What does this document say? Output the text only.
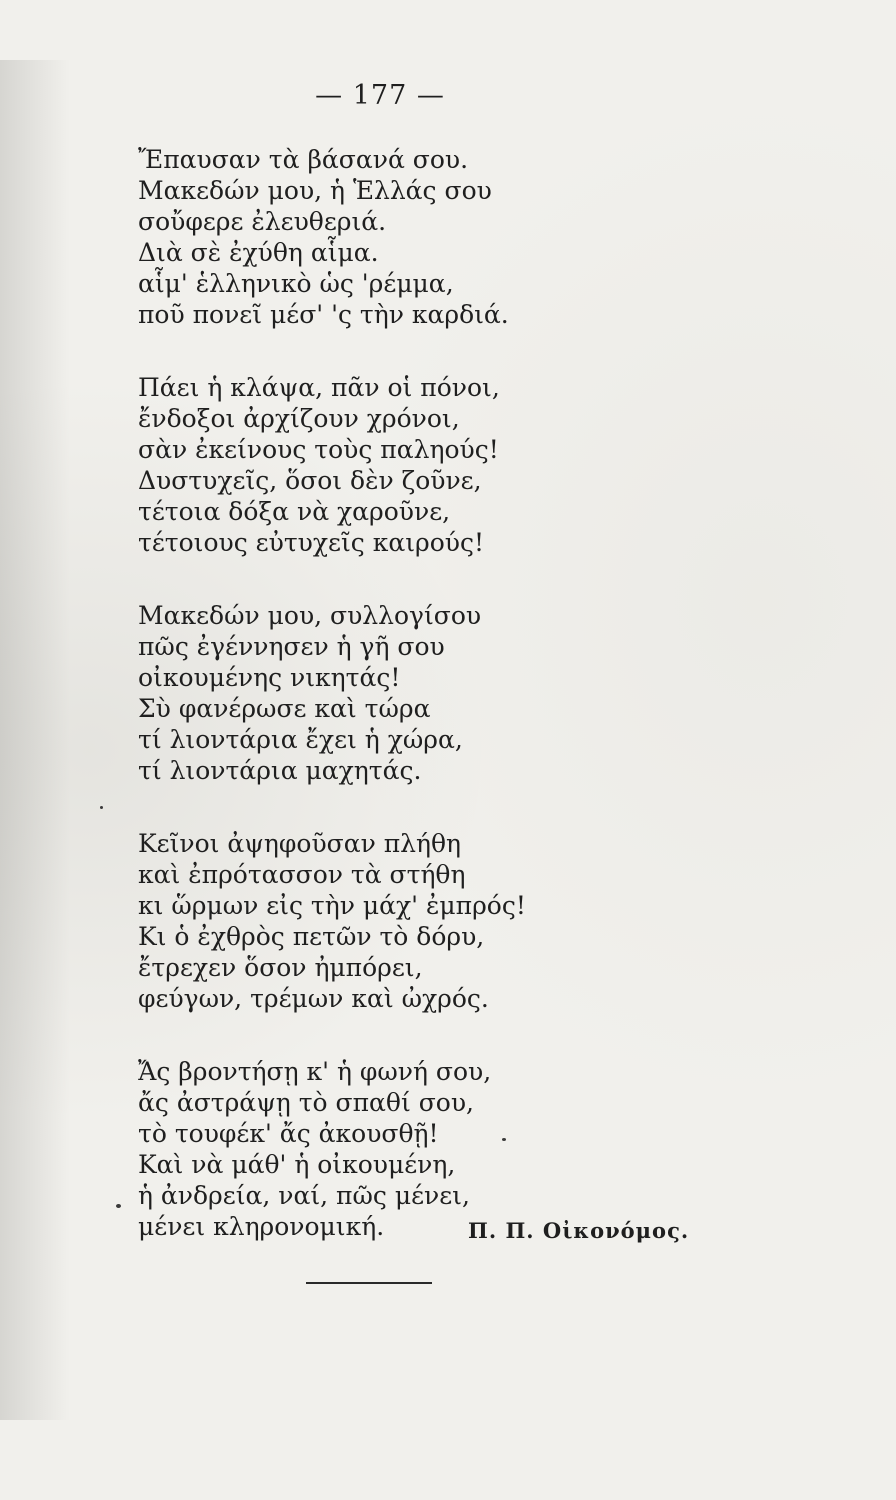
— 177 —
Ἔπαυσαν τὰ βάσανά σου.
Μακεδών μου, ἡ Ἑλλάς σου
σοὔφερε ἐλευθεριά.
Διὰ σὲ ἐχύθη αἷμα.
αἷμ' ἑλληνικὸ ὡς 'ρέμμα,
ποῦ πονεῖ μέσ' 'ς τὴν καρδιά.
Πάει ἡ κλάψα, πᾶν οἱ πόνοι,
ἔνδοξοι ἀρχίζουν χρόνοι,
σὰν ἐκείνους τοὺς παληούς!
Δυστυχεῖς, ὅσοι δὲν ζοῦνε,
τέτοια δόξα νὰ χαροῦνε,
τέτοιους εὐτυχεῖς καιρούς!
Μακεδών μου, συλλογίσου
πῶς ἐγέννησεν ἡ γῆ σου
οἰκουμένης νικητάς!
Σὺ φανέρωσε καὶ τώρα
τί λιοντάρια ἔχει ἡ χώρα,
τί λιοντάρια μαχητάς.
Κεῖνοι ἀψηφοῦσαν πλήθη
καὶ ἐπρότασσον τὰ στήθη
κι ὥρμων εἰς τὴν μάχ' ἐμπρός!
Κι ὁ ἐχθρὸς πετῶν τὸ δόρυ,
ἔτρεχεν ὅσον ἠμπόρει,
φεύγων, τρέμων καὶ ὠχρός.
Ἄς βροντήσῃ κ' ἡ φωνή σου,
ἄς ἀστράψῃ τὸ σπαθί σου,
τὸ τουφέκ' ἄς ἀκουσθῇ!
Καὶ νὰ μάθ' ἡ οἰκουμένη,
ἡ ἀνδρεία, ναί, πῶς μένει,
μένει κληρονομική.	Π. Π. Οἰκονόμος.
